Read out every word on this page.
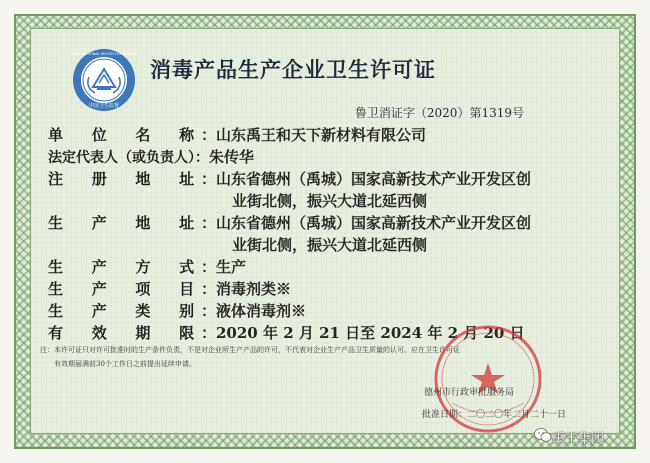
中国卫生监督
CHINA NATIONAL HEALTH COMMISSION
消毒产品生产企业卫生许可证
鲁卫消证字（2020）第1319号
单　位　名　称：山东禹王和天下新材料有限公司
法定代表人（或负责人）：朱传华
注　册　地　址：山东省德州（禹城）国家高新技术产业开发区创
业街北侧，振兴大道北延西侧
生　产　地　址：山东省德州（禹城）国家高新技术产业开发区创
业街北侧，振兴大道北延西侧
生　产　方　式：生产
生　产　项　目：消毒剂类※
生　产　类　别：液体消毒剂※
有　效　期　限：2020 年 2 月 21 日至 2024 年 2 月 20 日
注：本许可证只对许可批准时的生产条件负责，不是对企业所生产产品的许可，不代表对企业生产产品卫生质量的认可。应在卫生许可证
　　有效期届满前30个工作日之前提出延续申请。
德州市行政审批服务局
批准日期：二〇二〇年二月二十一日
禹王集团
